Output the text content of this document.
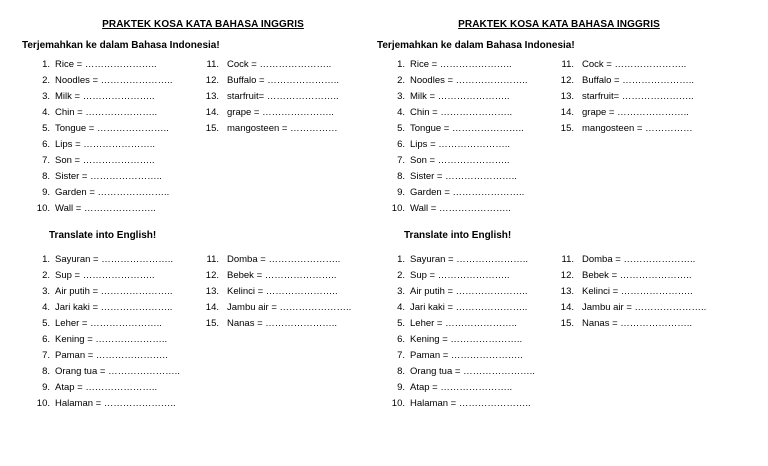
PRAKTEK KOSA KATA BAHASA INGGRIS
Terjemahkan ke dalam Bahasa Indonesia!
1. Rice = …………………..
2. Noodles = …………………..
3. Milk = …………………..
4. Chin = …………………..
5. Tongue = …………………..
6. Lips = …………………..
7. Son = …………………..
8. Sister = …………………..
9. Garden = …………………..
10. Wall = …………………..
11. Cock = …………………..
12. Buffalo = …………………..
13. starfruit= …………………..
14. grape = …………………..
15. mangosteen = ……………
Translate into English!
1. Sayuran = …………………..
2. Sup = …………………..
3. Air putih = …………………..
4. Jari kaki = …………………..
5. Leher = …………………..
6. Kening = …………………..
7. Paman = …………………..
8. Orang tua = …………………..
9. Atap = …………………..
10. Halaman = …………………..
11. Domba = …………………..
12. Bebek = …………………..
13. Kelinci = …………………..
14. Jambu air = …………………..
15. Nanas = …………………..
PRAKTEK KOSA KATA BAHASA INGGRIS
Terjemahkan ke dalam Bahasa Indonesia!
1. Rice = …………………..
2. Noodles = …………………..
3. Milk = …………………..
4. Chin = …………………..
5. Tongue = …………………..
6. Lips = …………………..
7. Son = …………………..
8. Sister = …………………..
9. Garden = …………………..
10. Wall = …………………..
11. Cock = …………………..
12. Buffalo = …………………..
13. starfruit= …………………..
14. grape = …………………..
15. mangosteen = ……………
Translate into English!
1. Sayuran = …………………..
2. Sup = …………………..
3. Air putih = …………………..
4. Jari kaki = …………………..
5. Leher = …………………..
6. Kening = …………………..
7. Paman = …………………..
8. Orang tua = …………………..
9. Atap = …………………..
10. Halaman = …………………..
11. Domba = …………………..
12. Bebek = …………………..
13. Kelinci = …………………..
14. Jambu air = …………………..
15. Nanas = …………………..
